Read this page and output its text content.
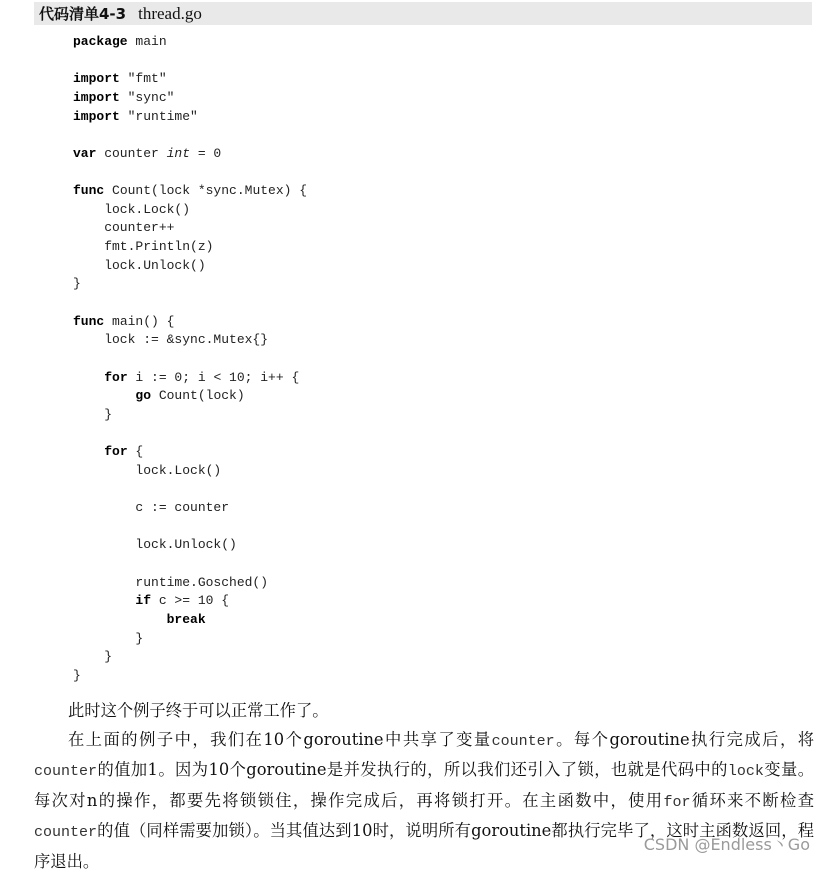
代码清单4-3 thread.go
package main
import "fmt"
import "sync"
import "runtime"
var counter int = 0
func Count(lock *sync.Mutex) {
lock.Lock()
counter++
fmt.Println(z)
lock.Unlock()
}
func main() {
lock := &sync.Mutex{}
for i := 0; i < 10; i++ {
go Count(lock)
}
for {
lock.Lock()
c := counter
lock.Unlock()
runtime.Gosched()
if c >= 10 {
break
}
}
}

此时这个例子终于可以正常工作了。

在上面的例子中，我们在10个goroutine中共享了变量counter。每个goroutine执行完成后，将counter的值加1。因为10个goroutine是并发执行的，所以我们还引入了锁，也就是代码中的lock变量。每次对n的操作，都要先将锁锁住，操作完成后，再将锁打开。在主函数中，使用for循环来不断检查counter的值（同样需要加锁）。当其值达到10时，说明所有goroutine都执行完毕了，这时主函数返回，程序退出。

CSDN @Endless丶Go
